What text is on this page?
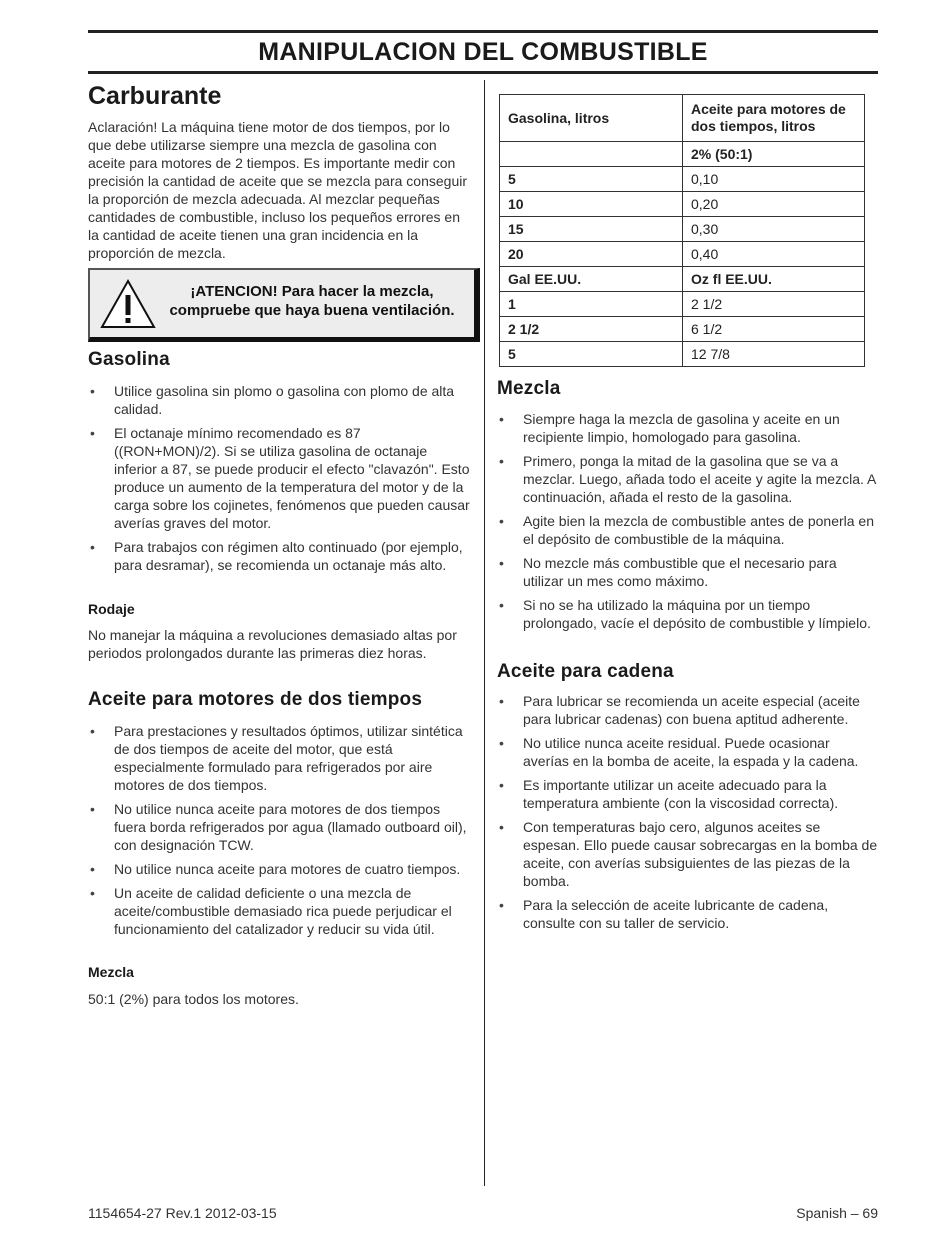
MANIPULACION DEL COMBUSTIBLE
Carburante

Aclaración! La máquina tiene motor de dos tiempos, por lo que debe utilizarse siempre una mezcla de gasolina con aceite para motores de 2 tiempos. Es importante medir con precisión la cantidad de aceite que se mezcla para conseguir la proporción de mezcla adecuada. Al mezclar pequeñas cantidades de combustible, incluso los pequeños errores en la cantidad de aceite tienen una gran incidencia en la proporción de mezcla.

¡ATENCION! Para hacer la mezcla,
compruebe que haya buena ventilación.
Gasolina
• Utilice gasolina sin plomo o gasolina con plomo de alta calidad.
• El octanaje mínimo recomendado es 87 ((RON+MON)/2). Si se utiliza gasolina de octanaje inferior a 87, se puede producir el efecto "clavazón". Esto produce un aumento de la temperatura del motor y de la carga sobre los cojinetes, fenómenos que pueden causar averías graves del motor.
• Para trabajos con régimen alto continuado (por ejemplo, para desramar), se recomienda un octanaje más alto.
Rodaje

No manejar la máquina a revoluciones demasiado altas por periodos prolongados durante las primeras diez horas.

Aceite para motores de dos tiempos
• Para prestaciones y resultados óptimos, utilizar sintética de dos tiempos de aceite del motor, que está especialmente formulado para refrigerados por aire motores de dos tiempos.
• No utilice nunca aceite para motores de dos tiempos fuera borda refrigerados por agua (llamado outboard oil), con designación TCW.
• No utilice nunca aceite para motores de cuatro tiempos.
• Un aceite de calidad deficiente o una mezcla de aceite/combustible demasiado rica puede perjudicar el funcionamiento del catalizador y reducir su vida útil.
Mezcla

50:1 (2%) para todos los motores.

Gasolina, litros	Aceite para motores de dos tiempos, litros
	2% (50:1)
5	0,10
10	0,20
15	0,30
20	0,40
Gal EE.UU.	Oz fl EE.UU.
1	2 1/2
2 1/2	6 1/2
5	12 7/8
Mezcla
• Siempre haga la mezcla de gasolina y aceite en un recipiente limpio, homologado para gasolina.
• Primero, ponga la mitad de la gasolina que se va a mezclar. Luego, añada todo el aceite y agite la mezcla. A continuación, añada el resto de la gasolina.
• Agite bien la mezcla de combustible antes de ponerla en el depósito de combustible de la máquina.
• No mezcle más combustible que el necesario para utilizar un mes como máximo.
• Si no se ha utilizado la máquina por un tiempo prolongado, vacíe el depósito de combustible y límpielo.
Aceite para cadena
• Para lubricar se recomienda un aceite especial (aceite para lubricar cadenas) con buena aptitud adherente.
• No utilice nunca aceite residual. Puede ocasionar averías en la bomba de aceite, la espada y la cadena.
• Es importante utilizar un aceite adecuado para la temperatura ambiente (con la viscosidad correcta).
• Con temperaturas bajo cero, algunos aceites se espesan. Ello puede causar sobrecargas en la bomba de aceite, con averías subsiguientes de las piezas de la bomba.
• Para la selección de aceite lubricante de cadena, consulte con su taller de servicio.
1154654-27 Rev.1 2012-03-15	Spanish – 69
